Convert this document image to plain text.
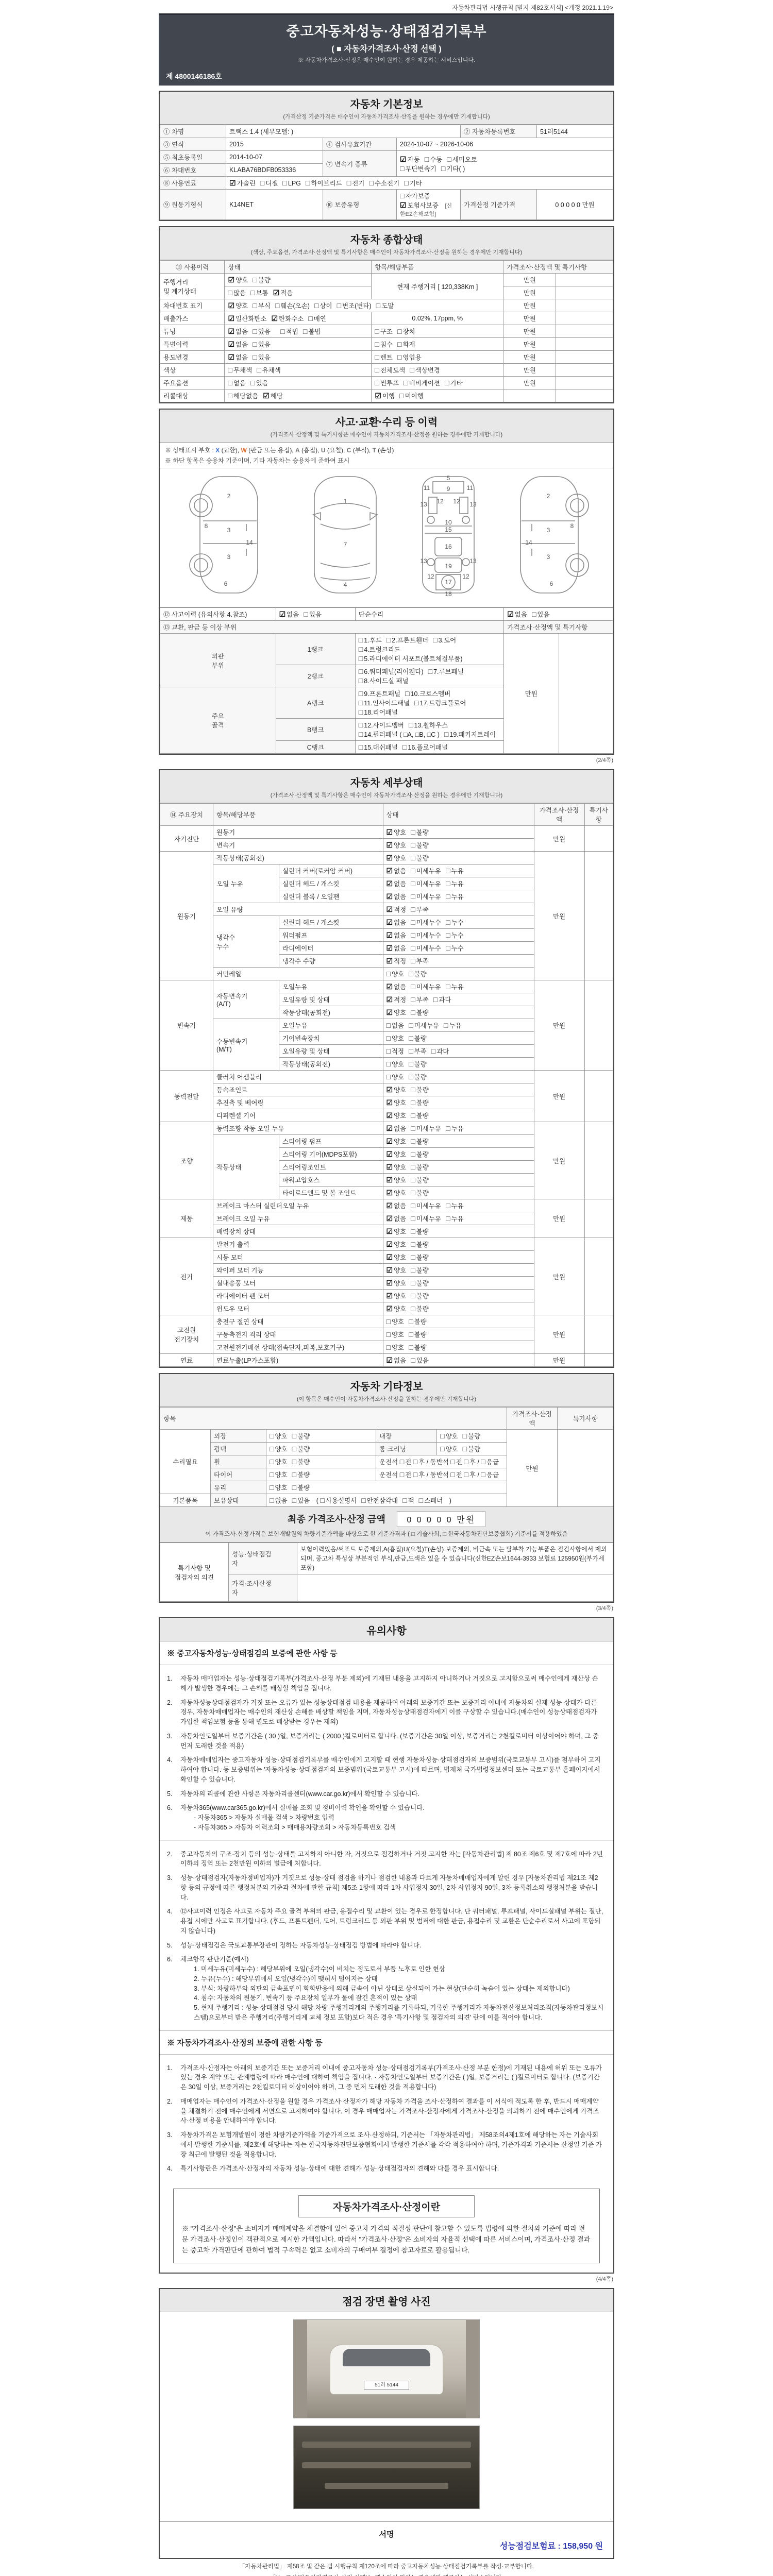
자동차관리법 시행규칙 [별지 제82호서식] <개정 2021.1.19>
중고자동차성능·상태점검기록부
( ■ 자동차가격조사·산정 선택 )
※ 자동차가격조사·산정은 매수인이 원하는 경우 제공하는 서비스입니다.
제 4800146186호
자동차 기본정보
(가격산정 기준가격은 매수인이 자동차가격조사·산정을 원하는 경우에만 기재합니다)
① 차명	트랙스 1.4 (세부모델: )			② 자동차등록번호	51러5144
③ 연식	2015	④ 검사유효기간	2024-10-07 ~ 2026-10-06		
⑤ 최초등록일	2014-10-07	⑦ 변속기 종류	☑ 자동 □ 수동 □ 세미오토
□ 무단변속기 □ 기타( )		
⑥ 차대번호	KLABA76BDFB053336				
⑧ 사용연료	☑ 가솔린 □ 디젤 □ LPG □ 하이브리드 □ 전기 □ 수소전기 □ 기타				
⑨ 원동기형식	K14NET	⑩ 보증유형	□ 자가보증☑ 보험사보증 [신한EZ손해보험]	가격산정 기준가격	0 0 0 0 0 만원
자동차 종합상태
(색상, 주요옵션, 가격조사·산정액 및 특기사항은 매수인이 자동차가격조사·산정을 원하는 경우에만 기재합니다)
⑪ 사용이력	상태	항목/해당부품	가격조사·산정액 및 특기사항	
주행거리
및 계기상태	☑ 양호 □ 불량	현재 주행거리 [ 120,338Km ]	만원	
	□ 많음 □ 보통 ☑ 적음		만원	
차대번호 표기	☑ 양호 □ 부식 □ 훼손(오손) □ 상이 □ 변조(변타) □ 도말		만원	
배출가스	☑ 일산화탄소 ☑ 탄화수소 □ 매연	0.02%, 17ppm, %	만원	
튜닝	☑ 없음 □ 있음 □ 적법 □ 불법	□ 구조 □ 장치	만원	
특별이력	☑ 없음 □ 있음	□ 침수 □ 화재	만원	
용도변경	☑ 없음 □ 있음	□ 렌트 □ 영업용	만원	
색상	□ 무채색 □ 유채색	□ 전체도색 □ 색상변경	만원	
주요옵션	□ 없음 □ 있음	□ 썬루프 □ 네비게이션 □ 기타	만원	
리콜대상	□ 해당없음 ☑ 해당	☑ 이행 □ 미이행		
사고·교환·수리 등 이력
(가격조사·산정액 및 특기사항은 매수인이 자동차가격조사·산정을 원하는 경우에만 기재합니다)
※ 상태표시 부호 : X (교환), W (판금 또는 용접), A (흠집), U (요철), C (부식), T (손상)
※ 하단 항목은 승용차 기준이며, 기타 자동차는 승용차에 준하여 표시
2
8
3
14
3
6
1
7
4
5
9
11	11
13 12 12 13
10
15
16
19
13	13
12
17
12
18
2
3
8
14
3
6
⑫ 사고이력 (유의사항 4.참조)	☑ 없음 □ 있음	단순수리	☑ 없음 □ 있음	
⑬ 교환, 판금 등 이상 부위			가격조사·산정액 및 특기사항	
외판
부위	1랭크	□ 1.후드 □ 2.프론트휀더 □ 3.도어□ 4.트렁크리드□ 5.라디에이터 서포트(볼트체결부품)	만원	
	2랭크	□ 6.쿼터패널(리어휀다) □ 7.루브패널□ 8.사이드실 패널		
주요
골격	A랭크	□ 9.프론트패널 □ 10.크로스멤버□ 11.인사이드패널 □ 17.트렁크플로어□ 18.리어패널		
	B랭크	□ 12.사이드멤버 □ 13.휠하우스□ 14.필러패널 ( □A, □B, □C ) □ 19.패키지트레이		
	C랭크	□ 15.대쉬패널 □ 16.플로어패널		
(2/4쪽)
자동차 세부상태
(가격조사·산정액 및 특기사항은 매수인이 자동차가격조사·산정을 원하는 경우에만 기재합니다)
⑭ 주요장치	항목/해당부품		상태	가격조사·산정액	특기사항
자기진단	원동기		☑ 양호 □ 불량	만원	
	변속기		☑ 양호 □ 불량		
원동기	작동상태(공회전)		☑ 양호 □ 불량	만원	
	오일 누유	실린더 커버(로커암 커버)	☑ 없음 □ 미세누유 □ 누유		
		실린더 헤드 / 개스킷	☑ 없음 □ 미세누유 □ 누유		
		실린더 블록 / 오일팬	☑ 없음 □ 미세누유 □ 누유		
	오일 유량		☑ 적정 □ 부족		
	냉각수
누수	실린더 헤드 / 개스킷	☑ 없음 □ 미세누수 □ 누수		
		워터펌프	☑ 없음 □ 미세누수 □ 누수		
		라디에이터	☑ 없음 □ 미세누수 □ 누수		
		냉각수 수량	☑ 적정 □ 부족		
	커먼레일		□ 양호 □ 불량		
변속기	자동변속기
(A/T)	오일누유	☑ 없음 □ 미세누유 □ 누유	만원	
		오일유량 및 상태	☑ 적정 □ 부족 □ 과다		
		작동상태(공회전)	☑ 양호 □ 불량		
	수동변속기
(M/T)	오일누유	□ 없음 □ 미세누유 □ 누유		
		기어변속장치	□ 양호 □ 불량		
		오일유량 및 상태	□ 적정 □ 부족 □ 과다		
		작동상태(공회전)	□ 양호 □ 불량		
동력전달	클러치 어셈블리		□ 양호 □ 불량	만원	
	등속죠인트		☑ 양호 □ 불량		
	추진축 및 베어링		☑ 양호 □ 불량		
	디퍼렌셜 기어		☑ 양호 □ 불량		
조향	동력조향 작동 오일 누유		☑ 없음 □ 미세누유 □ 누유	만원	
	작동상태	스티어링 펌프	☑ 양호 □ 불량		
		스티어링 기어(MDPS포함)	☑ 양호 □ 불량		
		스티어링조인트	☑ 양호 □ 불량		
		파워고압호스	☑ 양호 □ 불량		
		타이로드엔드 및 볼 조인트	☑ 양호 □ 불량		
제동	브레이크 마스터 실린더오일 누유		☑ 없음 □ 미세누유 □ 누유	만원	
	브레이크 오일 누유		☑ 없음 □ 미세누유 □ 누유		
	배력장치 상태		☑ 양호 □ 불량		
전기	발전기 출력		☑ 양호 □ 불량	만원	
	시동 모터		☑ 양호 □ 불량		
	와이퍼 모터 기능		☑ 양호 □ 불량		
	실내송풍 모터		☑ 양호 □ 불량		
	라디에이터 팬 모터		☑ 양호 □ 불량		
	윈도우 모터		☑ 양호 □ 불량		
고전원
전기장치	충전구 절연 상태		□ 양호 □ 불량	만원	
	구동축전지 격리 상태		□ 양호 □ 불량		
	고전원전기배선 상태(접속단자,피복,보호기구)		□ 양호 □ 불량		
연료	연료누출(LP가스포함)		☑ 없음 □ 있음	만원	
자동차 기타정보
(이 항목은 매수인이 자동차가격조사·산정을 원하는 경우에만 기재합니다)
항목					가격조사·산정액	특기사항
수리필요	외장	□ 양호 □ 불량	내장	□ 양호 □ 불량	만원	
	광택	□ 양호 □ 불량	룸 크리닝	□ 양호 □ 불량		
	휠	□ 양호 □ 불량	운전석 □ 전 □ 후 / 동반석 □ 전 □ 후 / □ 응급			
	타이어	□ 양호 □ 불량	운전석 □ 전 □ 후 / 동반석 □ 전 □ 후 / □ 응급			
	유리	□ 양호 □ 불량				
기본품목	보유상태	□ 없음 □ 있음 ( □ 사용설명서 □ 안전삼각대 □ 잭 □ 스패너 )				
최종 가격조사·산정 금액	0 0 0 0 0 만원
이 가격조사·산정가격은 보험개발원의 차량기준가액을 바탕으로 한 기준가격과 ( □ 기술사회, □ 한국자동차진단보증협회) 기준서를 적용하였음
특기사항 및
점검자의 의견	성능·상태점검
자	보험이력있음/써포트 보증제외,A(흠집)U(요철)T(손상) 보증제외, 비금속 또는 탈부착 가능부품은 점검사항에서 제외되며, 중고차 특성상 부분적인 부식,판금,도색은 있을 수 있습니다(신한EZ손보1644-3933 보험료 125950원(부가세포함)
	가격·조사산정
자	
(3/4쪽)
유의사항
※ 중고자동차성능·상태점검의 보증에 관한 사항 등
1.	자동차 매매업자는 성능·상태점검기록부(가격조사·산정 부분 제외)에 기재된 내용을 고지하지 아니하거나 거짓으로 고지함으로써 매수인에게 재산상 손해가 발생한 경우에는 그 손해를 배상할 책임을 집니다.
2.	자동차성능상태점검자가 거짓 또는 오류가 있는 성능상태점검 내용을 제공하여 아래의 보증기간 또는 보증거리 이내에 자동차의 실제 성능·상태가 다른 경우, 자동차매매업자는 매수인의 재산상 손해를 배상할 책임을 지며, 자동차성능상태점검자에게 이를 구상할 수 있습니다.(매수인이 성능상태점검자가 가입한 책임보험 등을 통해 별도로 배상받는 경우는 제외)
3.	자동차인도일부터 보증기간은 ( 30 )일, 보증거리는 ( 2000 )킬로미터로 합니다. (보증기간은 30일 이상, 보증거리는 2천킬로미터 이상이어야 하며, 그 중 먼저 도래한 것을 적용)
4.	자동차매매업자는 중고자동차 성능·상태점검기록부를 매수인에게 고지할 때 현행 자동차성능·상태점검자의 보증범위(국토교통부 고시)를 첨부하여 고지하여야 합니다. 동 보증범위는 '자동차성능·상태점검자의 보증범위'(국토교통부 고시)에 따르며, 법제처 국가법령정보센터 또는 국토교통부 홈페이지에서 확인할 수 있습니다.
5.	자동차의 리콜에 관한 사항은 자동차리콜센터(www.car.go.kr)에서 확인할 수 있습니다.
6.	자동차365(www.car365.go.kr)에서 실매물 조회 및 정비이력 확인을 확인할 수 있습니다.
- 자동차365 > 자동차 실매물 검색 > 차량번호 입력
- 자동차365 > 자동차 이력조회 > 매매용차량조회 > 자동차등록번호 검색
2.	중고자동차의 구조·장치 등의 성능·상태를 고지하지 아니한 자, 거짓으로 점검하거나 거짓 고지한 자는 [자동차관리법] 제 80조 제6호 및 제7호에 따라 2년 이하의 징역 또는 2천만원 이하의 벌금에 처합니다.
3.	성능·상태점검자(자동차정비업자)가 거짓으로 성능·상태 점검을 하거나 점검한 내용과 다르게 자동차매매업자에게 알린 경우 [자동차관리법 제21조 제2항 등의 규정에 따른 행정처분의 기준과 절차에 관한 규칙] 제5조 1항에 따라 1차 사업정지 30일, 2차 사업정지 90일, 3차 등록취소의 행정처분을 받습니다.
4.	⑫사고이력 인정은 사고로 자동차 주요 골격 부위의 판금, 용접수리 및 교환이 있는 경우로 한정합니다. 단 쿼터패널, 루프패널, 사이드실패널 부위는 절단, 용접 시에만 사고로 표기합니다. (후드, 프론트펜더, 도어, 트렁크리드 등 외판 부위 및 범퍼에 대한 판금, 용접수리 및 교환은 단순수리로서 사고에 포함되지 않습니다)
5.	성능·상태점검은 국토교통부장관이 정하는 자동차성능·상태점검 방법에 따라야 합니다.
6.	체크항목 판단기준(예시)
1. 미세누유(미세누수) : 해당부위에 오일(냉각수)이 비치는 정도로서 부품 노후로 인한 현상
2. 누유(누수) : 해당부위에서 오일(냉각수)이 맺혀서 떨어지는 상태
3. 부식: 차량하부와 외판의 금속표면이 화학반응에 의해 금속이 아닌 상태로 상실되어 가는 현상(단순히 녹슬어 있는 상태는 제외합니다)
4. 침수: 자동차의 원동기, 변속기 등 주요장치 일부가 물에 잠긴 흔적이 있는 상태
5. 현재 주행거리 : 성능·상태점검 당시 해당 차량 주행거리계의 주행거리를 기록하되, 기록한 주행거리가 자동차전산정보처리조직(자동차관리정보시스템)으로부터 받은 주행거리(주행거리계 교체 정보 포함)보다 적은 경우 '특기사항 및 점검자의 의견' 란에 이를 적어야 합니다.
※ 자동차가격조사·산정의 보증에 관한 사항 등
1.	가격조사·산정자는 아래의 보증기간 또는 보증거리 이내에 중고자동차 성능·상태점검기록부(가격조사·산정 부분 한정)에 기재된 내용에 허위 또는 오류가 있는 경우 계약 또는 관계법령에 따라 매수인에 대하여 책임을 집니다. · 자동차인도일부터 보증기간은 ( )일, 보증거리는 ( )킬로미터로 합니다. (보증기간은 30일 이상, 보증거리는 2천킬로미터 이상이어야 하며, 그 중 먼저 도래한 것을 적용합니다)
2.	매매업자는 매수인이 가격조사·산정을 원할 경우 가격조사·산정자가 해당 자동차 가격을 조사·산정하여 결과를 이 서식에 적도록 한 후, 반드시 매매계약을 체결하기 전에 매수인에게 서면으로 고지하여야 합니다. 이 경우 매매업자는 가격조사·산정자에게 가격조사·산정을 의뢰하기 전에 매수인에게 가격조사·산정 비용을 안내하여야 합니다.
3.	자동차가격은 보험개발원이 정한 차량기준가액을 기준가격으로 조사·산정하되, 기준서는 「자동차관리법」 제58조의4제1호에 해당하는 자는 기술사회에서 발행한 기준서를, 제2호에 해당하는 자는 한국자동차진단보증협회에서 발행한 기준서를 각각 적용하여야 하며, 기준가격과 기준서는 산정일 기준 가장 최근에 발행된 것을 적용합니다.
4.	특기사항란은 가격조사·산정자의 자동차 성능·상태에 대한 견해가 성능·상태점검자의 견해와 다를 경우 표시합니다.
자동차가격조사·산정이란
※ "가격조사·산정"은 소비자가 매매계약을 체결함에 있어 중고차 가격의 적절성 판단에 참고할 수 있도록 법령에 의한 절차와 기준에 따라 전문 가격조사·산정인이 객관적으로 제시한 가액입니다. 따라서 "가격조사·산정"은 소비자의 자율적 선택에 따른 서비스이며, 가격조사·산정 결과는 중고차 가격판단에 관하여 법적 구속력은 없고 소비자의 구매여부 결정에 참고자료로 활용됩니다.
(4/4쪽)
점검 장면 촬영 사진
51러 5144
서명
성능점검보험료 : 158,950 원
「자동차관리법」 제58조 및 같은 법 시행규칙 제120조에 따라 중고자동차성능·상태점검기록부를 작성·교부합니다.
